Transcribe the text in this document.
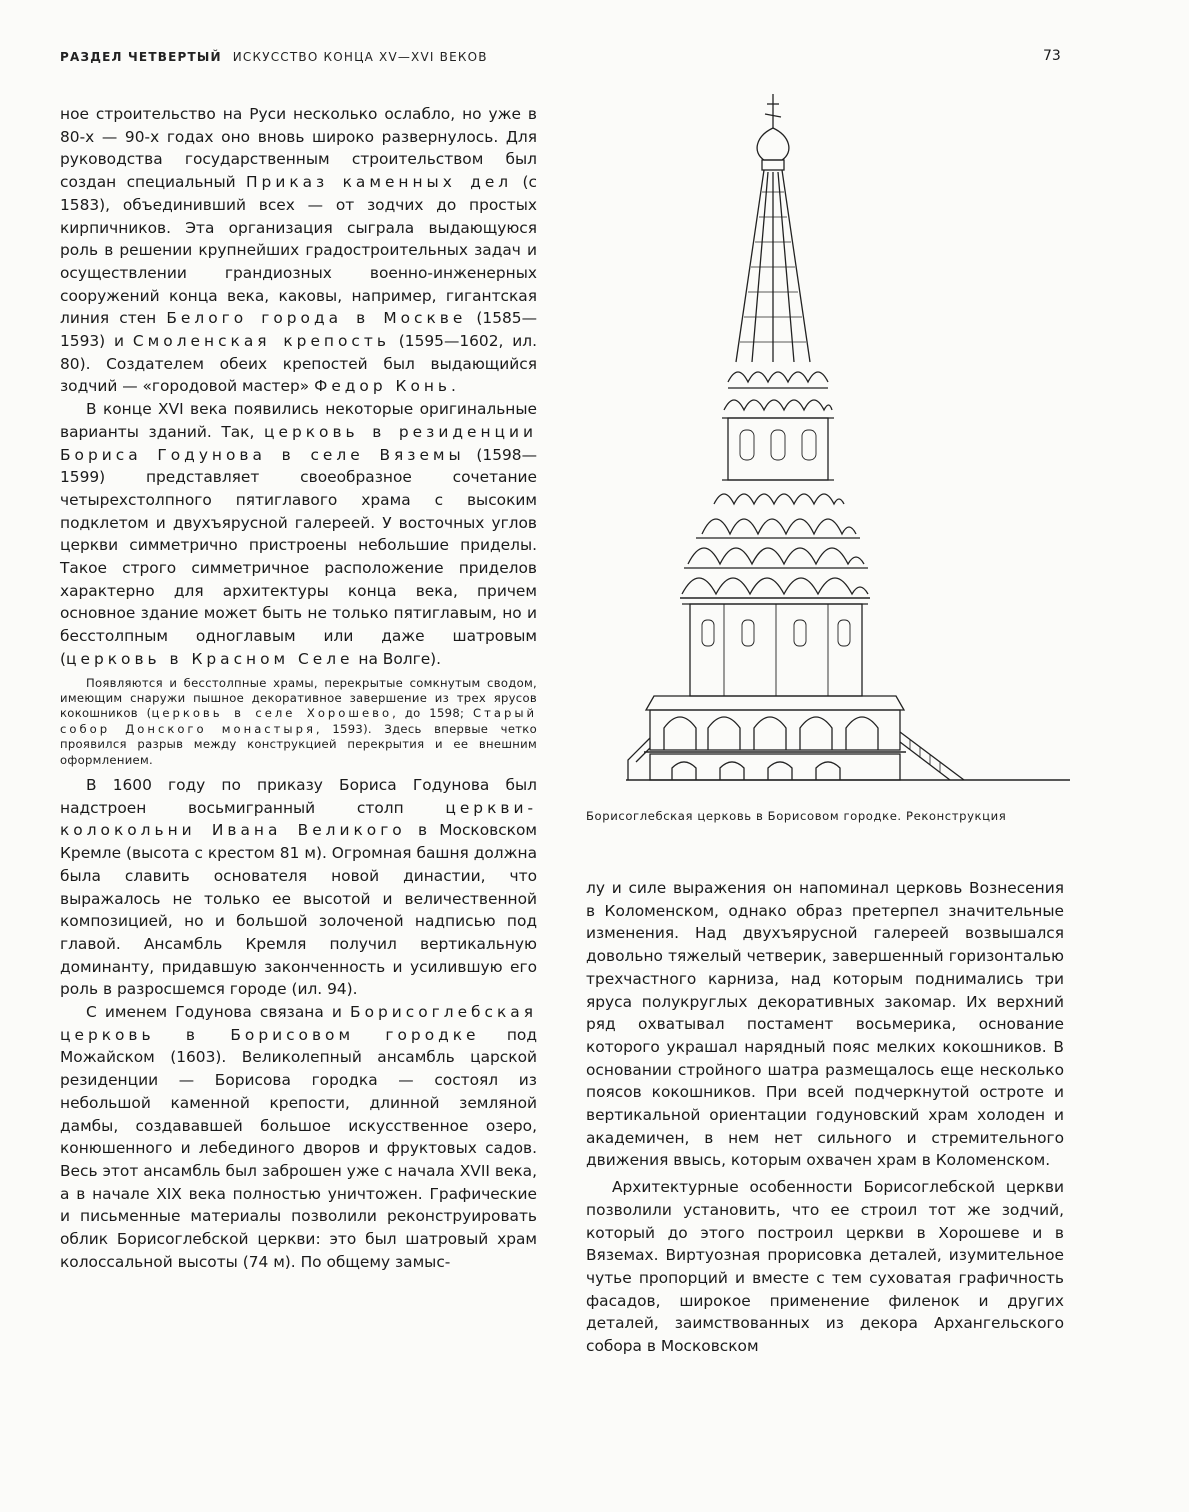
РАЗДЕЛ ЧЕТВЕРТЫЙ ИСКУССТВО КОНЦА XV—XVI ВЕКОВ	73

ное строительство на Руси несколько ослабло, но уже в 80-х — 90-х годах оно вновь широко развернулось. Для руководства государственным строительством был создан специальный Приказ каменных дел (с 1583), объединивший всех — от зодчих до простых кирпичников. Эта организация сыграла выдающуюся роль в решении крупнейших градостроительных задач и осуществлении грандиозных военно-инженерных сооружений конца века, каковы, например, гигантская линия стен Белого города в Москве (1585—1593) и Смоленская крепость (1595—1602, ил. 80). Создателем обеих крепостей был выдающийся зодчий — «городовой мастер» Федор Конь.

В конце XVI века появились некоторые оригинальные варианты зданий. Так, церковь в резиденции Бориса Годунова в селе Вяземы (1598—1599) представляет своеобразное сочетание четырехстолпного пятиглавого храма с высоким подклетом и двухъярусной галереей. У восточных углов церкви симметрично пристроены небольшие приделы. Такое строго симметричное расположение приделов характерно для архитектуры конца века, причем основное здание может быть не только пятиглавым, но и бесстолпным одноглавым или даже шатровым (церковь в Красном Селе на Волге).

Появляются и бесстолпные храмы, перекрытые сомкнутым сводом, имеющим снаружи пышное декоративное завершение из трех ярусов кокошников (церковь в селе Хорошево, до 1598; Старый собор Донского монастыря, 1593). Здесь впервые четко проявился разрыв между конструкцией перекрытия и ее внешним оформлением.

В 1600 году по приказу Бориса Годунова был надстроен восьмигранный столп церкви-колокольни Ивана Великого в Московском Кремле (высота с крестом 81 м). Огромная башня должна была славить основателя новой династии, что выражалось не только ее высотой и величественной композицией, но и большой золоченой надписью под главой. Ансамбль Кремля получил вертикальную доминанту, придавшую законченность и усилившую его роль в разросшемся городе (ил. 94).

С именем Годунова связана и Борисоглебская церковь в Борисовом городке под Можайском (1603). Великолепный ансамбль царской резиденции — Борисова городка — состоял из небольшой каменной крепости, длинной земляной дамбы, создававшей большое искусственное озеро, конюшенного и лебединого дворов и фруктовых садов. Весь этот ансамбль был заброшен уже с начала XVII века, а в начале XIX века полностью уничтожен. Графические и письменные материалы позволили реконструировать облик Борисоглебской церкви: это был шатровый храм колоссальной высоты (74 м). По общему замыс-

Борисоглебская церковь в Борисовом городке. Реконструкция

лу и силе выражения он напоминал церковь Вознесения в Коломенском, однако образ претерпел значительные изменения. Над двухъярусной галереей возвышался довольно тяжелый четверик, завершенный горизонталью трехчастного карниза, над которым поднимались три яруса полукруглых декоративных закомар. Их верхний ряд охватывал постамент восьмерика, основание которого украшал нарядный пояс мелких кокошников. В основании стройного шатра размещалось еще несколько поясов кокошников. При всей подчеркнутой остроте и вертикальной ориентации годуновский храм холоден и академичен, в нем нет сильного и стремительного движения ввысь, которым охвачен храм в Коломенском.

Архитектурные особенности Борисоглебской церкви позволили установить, что ее строил тот же зодчий, который до этого построил церкви в Хорошеве и в Вяземах. Виртуозная прорисовка деталей, изумительное чутье пропорций и вместе с тем суховатая графичность фасадов, широкое применение филенок и других деталей, заимствованных из декора Архангельского собора в Московском
